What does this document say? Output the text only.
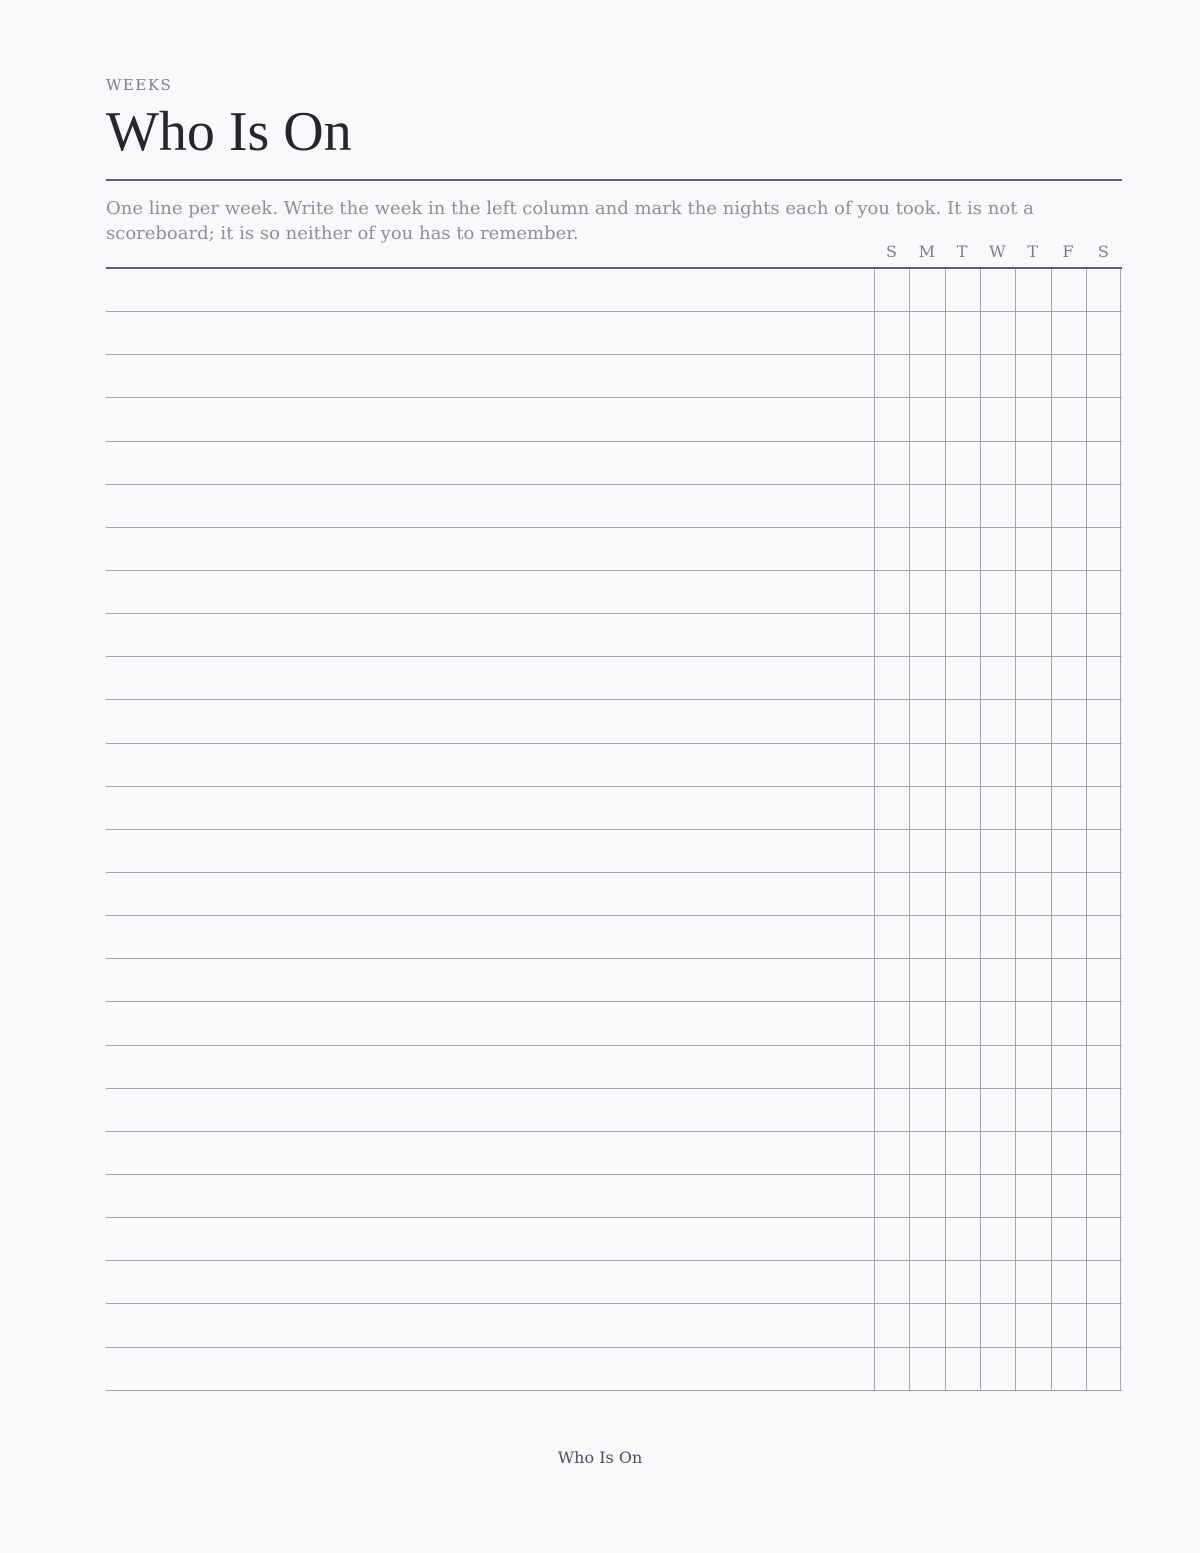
WEEKS
Who Is On
One line per week. Write the week in the left column and mark the nights each of you took. It is not a scoreboard; it is so neither of you has to remember.
S	M	T	W	T	F	S
Who Is On
